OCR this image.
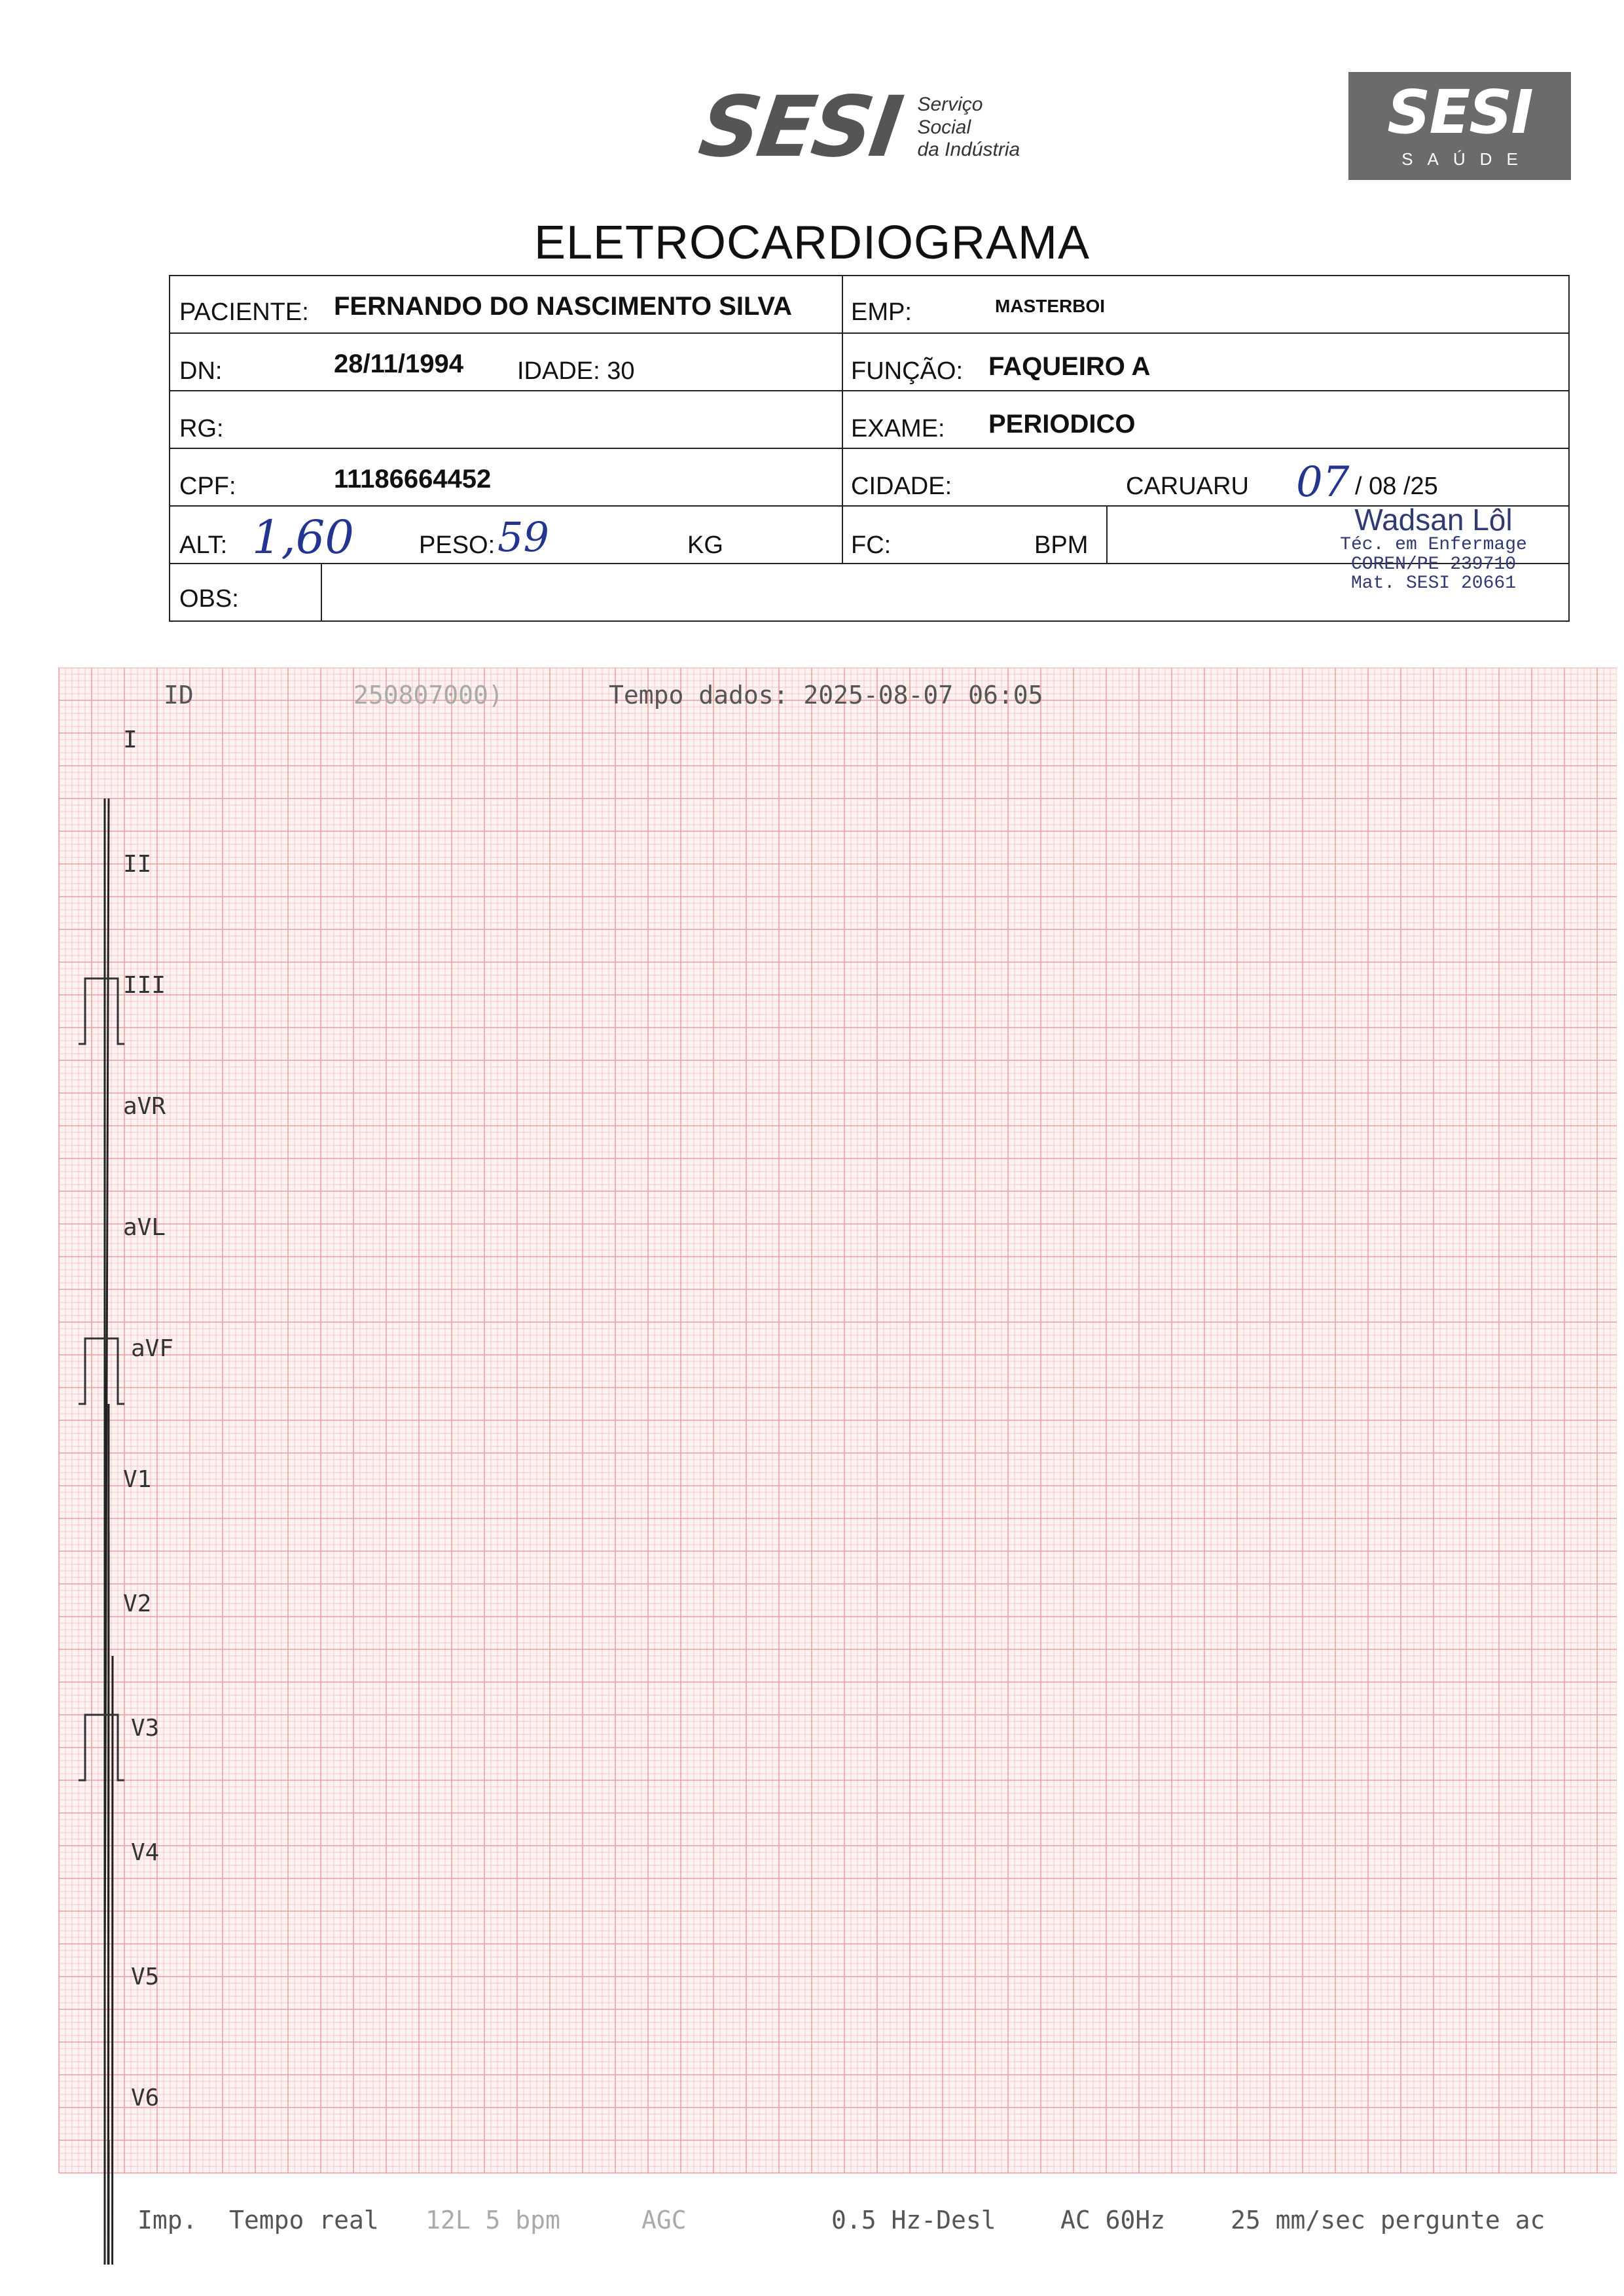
SESI Serviço
Social
da Indústria
SESI
SAÚDE
ELETROCARDIOGRAMA
PACIENTE: FERNANDO DO NASCIMENTO SILVA EMP:	MASTERBOI
DN:	28/11/1994 IDADE: 30	FUNÇÃO: FAQUEIRO A
RG:	EXAME: PERIODICO
CPF:	11186664452	CIDADE:	CARUARU 07 / 08 /25
ALT: 1,60	PESO: 59	KG	FC:	BPM
OBS:
Wadsan Lôl
Téc. em Enfermage
COREN/PE 239710
Mat. SESI 20661
ID	250807000)	Tempo dados: 2025-08-07 06:05
I
II
III
aVR
aVL
aVF
V1
V2
V3
V4
V5
V6
Imp. Tempo real 12L 5 bpm	AGC	0.5 Hz-Desl	AC 60Hz	25 mm/sec pergunte ac
